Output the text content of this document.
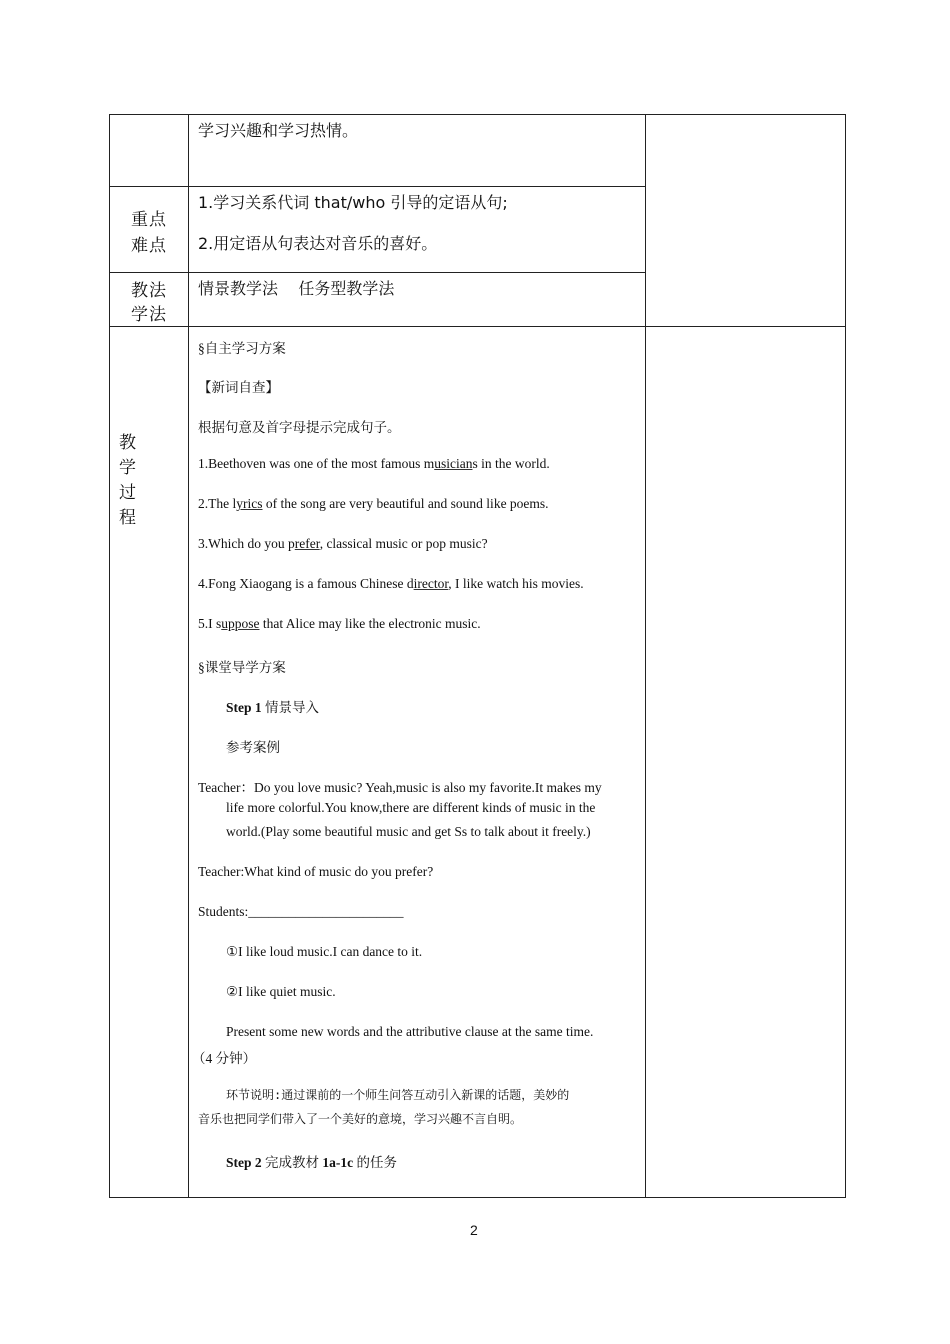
学习兴趣和学习热情。
重点
难点
1.学习关系代词 that/who 引导的定语从句;
2.用定语从句表达对音乐的喜好。
教法
学法
情景教学法    任务型教学法
教
学
过
程
§自主学习方案
【新词自查】
根据句意及首字母提示完成句子。
1.Beethoven was one of the most famous musicians in the world.
2.The lyrics of the song are very beautiful and sound like poems.
3.Which do you prefer, classical music or pop music?
4.Fong Xiaogang is a famous Chinese director, I like watch his movies.
5.I suppose that Alice may like the electronic music.
§课堂导学方案
Step 1 情景导入
参考案例
Teacher：Do you love music? Yeah,music is also my favorite.It makes my
life more colorful.You know,there are different kinds of music in the
world.(Play some beautiful music and get Ss to talk about it freely.)
Teacher:What kind of music do you prefer?
Students:_______________________
①I like loud music.I can dance to it.
②I like quiet music.
Present some new words and the attributive clause at the same time.
（4 分钟）
环节说明:通过课前的一个师生问答互动引入新课的话题，美妙的
音乐也把同学们带入了一个美好的意境，学习兴趣不言自明。
Step 2 完成教材 1a-1c 的任务
2
